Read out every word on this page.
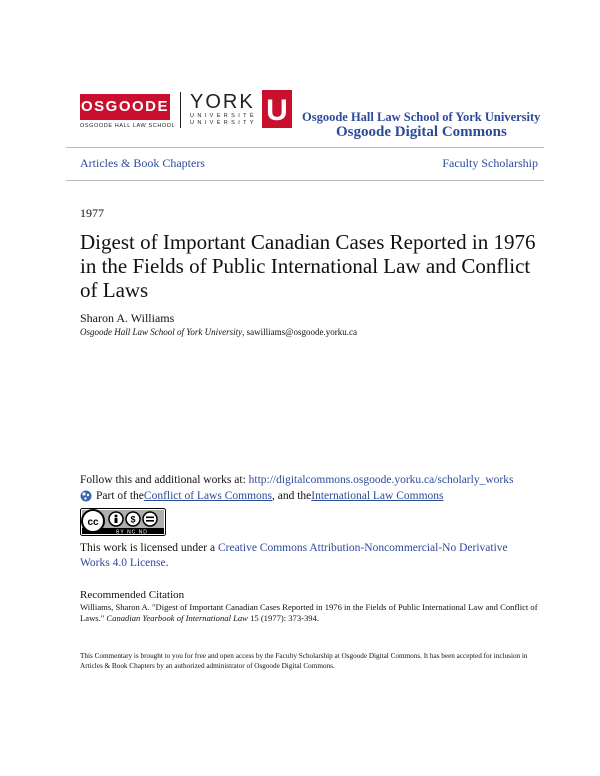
OSGOODE
OSGOODE HALL LAW SCHOOL
YORK
UNIVERSITÉ UNIVERSITY U Osgoode Hall Law School of York University
Osgoode Digital Commons
Articles & Book Chapters	Faculty Scholarship
1977
Digest of Important Canadian Cases Reported in 1976 in the Fields of Public International Law and Conflict of Laws
Sharon A. Williams
Osgoode Hall Law School of York University, sawilliams@osgoode.yorku.ca
Follow this and additional works at: http://digitalcommons.osgoode.yorku.ca/scholarly_works
Part of the Conflict of Laws Commons , and the International Law Commons
cc	$
BY NC ND
This work is licensed under a Creative Commons Attribution-Noncommercial-No Derivative Works 4.0 License.
Recommended Citation
Williams, Sharon A. "Digest of Important Canadian Cases Reported in 1976 in the Fields of Public International Law and Conflict of Laws." Canadian Yearbook of International Law 15 (1977): 373-394.
This Commentary is brought to you for free and open access by the Faculty Scholarship at Osgoode Digital Commons. It has been accepted for inclusion in Articles & Book Chapters by an authorized administrator of Osgoode Digital Commons.
